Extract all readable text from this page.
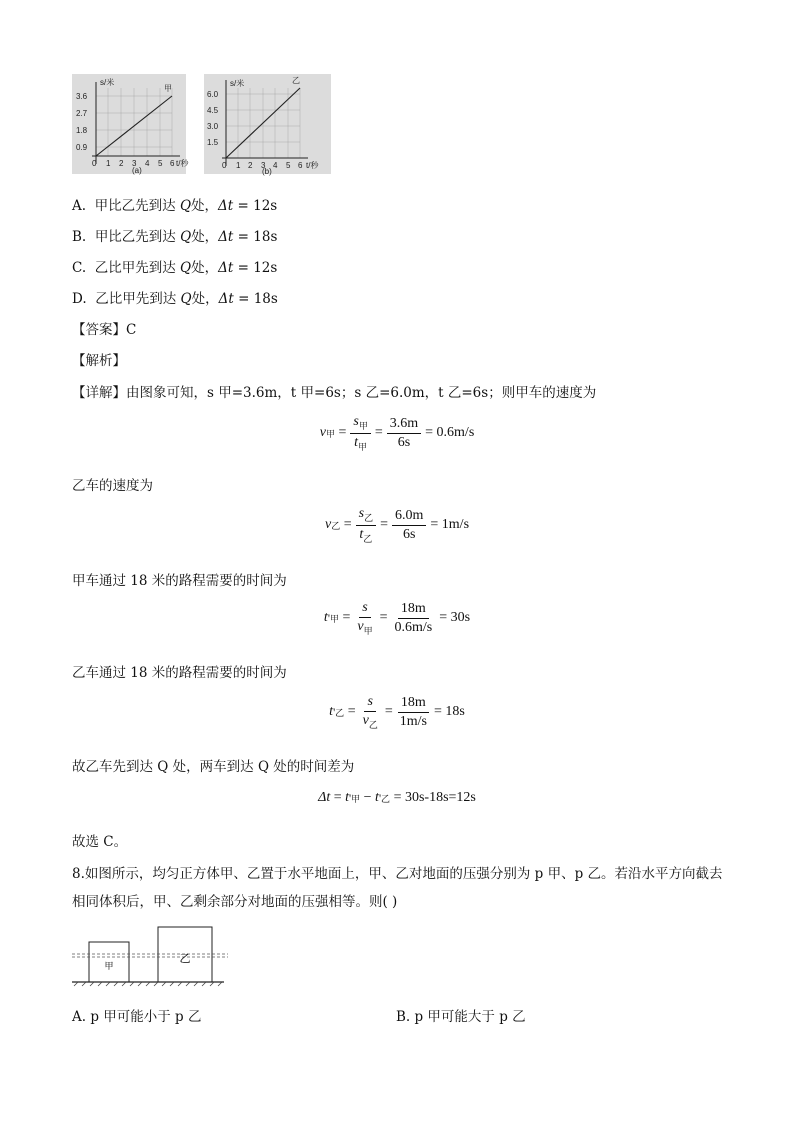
s/米
甲
3.6
2.7
1.8
0.9
0 1 2 3 4 5 6 t/秒
(a)
s/米	乙
6.0
4.5
3.0
1.5
0 1 2 3 4 5 6 t/秒
(b)
A. 甲比乙先到达 Q处，Δt = 12s
B. 甲比乙先到达 Q处，Δt = 18s
C. 乙比甲先到达 Q处，Δt = 12s
D. 乙比甲先到达 Q处，Δt = 18s
【答案】C
【解析】
【详解】由图象可知，s 甲=3.6m，t 甲=6s；s 乙=6.0m，t 乙=6s；则甲车的速度为
v 甲 = $\frac{s_甲}{t_甲} = \frac{3.6m}{6s} = 0.6m/s$
乙车的速度为
v 乙 = $\frac{s_乙}{t_乙} = \frac{6.0m}{6s} = 1m/s$
甲车通过 18 米的路程需要的时间为
t ' 甲 = $\frac{s}{v_甲} = \frac{18m}{0.6m/s} = 30s$
乙车通过 18 米的路程需要的时间为
t ' 乙 = $\frac{s}{v_乙} = \frac{18m}{1m/s} = 18s$
故乙车先到达 Q 处，两车到达 Q 处的时间差为
Δt = t ' 甲 − t ' 乙
= 30s-18s=12s
故选 C。
8.如图所示，均匀正方体甲、乙置于水平地面上，甲、乙对地面的压强分别为 p 甲、p 乙。若沿水平方向截去
相同体积后，甲、乙剩余部分对地面的压强相等。则( )
甲
乙
A. p 甲可能小于 p 乙	B. p 甲可能大于 p 乙
